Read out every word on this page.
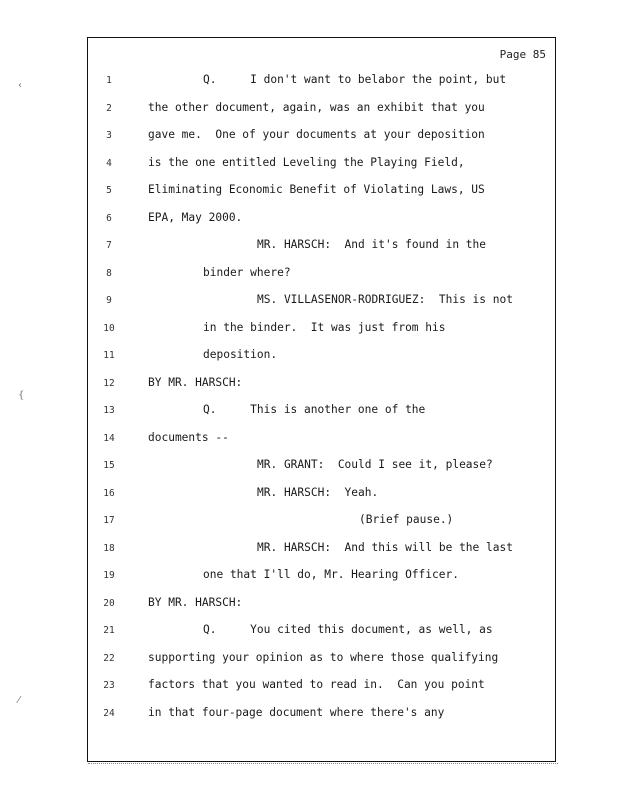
Page 85

1

	Q.     I don't want to belabor the point, but

2

	the other document, again, was an exhibit that you

3

	gave me.  One of your documents at your deposition

4

	is the one entitled Leveling the Playing Field,

5

	Eliminating Economic Benefit of Violating Laws, US

6

	EPA, May 2000.

7

	MR. HARSCH:  And it's found in the

8

	binder where?

9

	MS. VILLASENOR-RODRIGUEZ:  This is not

10

	in the binder.  It was just from his

11

	deposition.

12

	BY MR. HARSCH:

13

	Q.     This is another one of the

14

	documents --

15

	MR. GRANT:  Could I see it, please?

16

	MR. HARSCH:  Yeah.

17

	(Brief pause.)

18

	MR. HARSCH:  And this will be the last

19

	one that I'll do, Mr. Hearing Officer.

20

	BY MR. HARSCH:

21

	Q.     You cited this document, as well, as

22

	supporting your opinion as to where those qualifying

23

	factors that you wanted to read in.  Can you point

24

	in that four-page document where there's any

‹
{
⁄
